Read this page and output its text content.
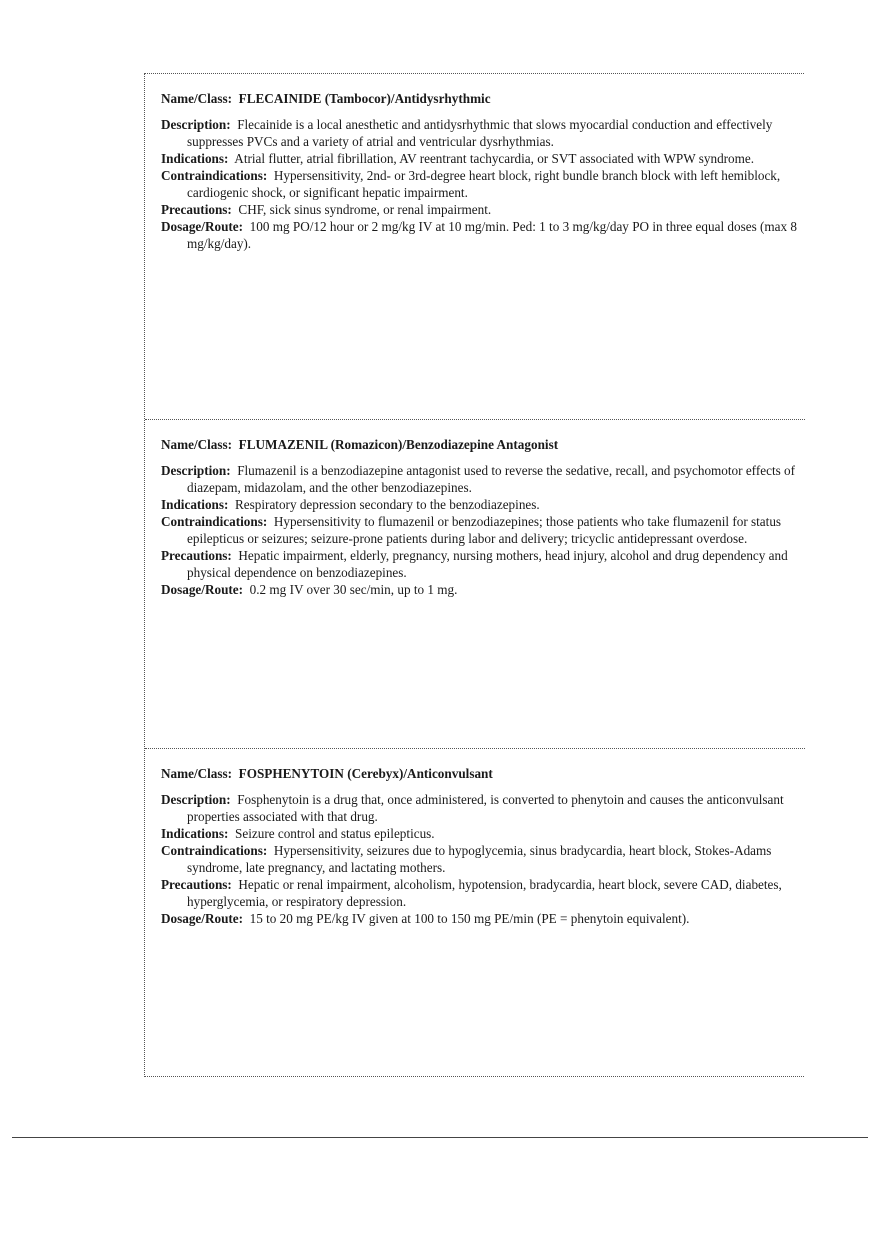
Name/Class: FLECAINIDE (Tambocor)/Antidysrhythmic

Description: Flecainide is a local anesthetic and antidysrhythmic that slows myocardial conduction and effectively suppresses PVCs and a variety of atrial and ventricular dysrhythmias.

Indications: Atrial flutter, atrial fibrillation, AV reentrant tachycardia, or SVT associated with WPW syndrome.

Contraindications: Hypersensitivity, 2nd- or 3rd-degree heart block, right bundle branch block with left hemiblock, cardiogenic shock, or significant hepatic impairment.

Precautions: CHF, sick sinus syndrome, or renal impairment.

Dosage/Route: 100 mg PO/12 hour or 2 mg/kg IV at 10 mg/min. Ped: 1 to 3 mg/kg/day PO in three equal doses (max 8 mg/kg/day).

Name/Class: FLUMAZENIL (Romazicon)/Benzodiazepine Antagonist

Description: Flumazenil is a benzodiazepine antagonist used to reverse the sedative, recall, and psychomotor effects of diazepam, midazolam, and the other benzodiazepines.

Indications: Respiratory depression secondary to the benzodiazepines.

Contraindications: Hypersensitivity to flumazenil or benzodiazepines; those patients who take flumazenil for status epilepticus or seizures; seizure-prone patients during labor and delivery; tricyclic antidepressant overdose.

Precautions: Hepatic impairment, elderly, pregnancy, nursing mothers, head injury, alcohol and drug dependency and physical dependence on benzodiazepines.

Dosage/Route: 0.2 mg IV over 30 sec/min, up to 1 mg.

Name/Class: FOSPHENYTOIN (Cerebyx)/Anticonvulsant

Description: Fosphenytoin is a drug that, once administered, is converted to phenytoin and causes the anticonvulsant properties associated with that drug.

Indications: Seizure control and status epilepticus.

Contraindications: Hypersensitivity, seizures due to hypoglycemia, sinus bradycardia, heart block, Stokes-Adams syndrome, late pregnancy, and lactating mothers.

Precautions: Hepatic or renal impairment, alcoholism, hypotension, bradycardia, heart block, severe CAD, diabetes, hyperglycemia, or respiratory depression.

Dosage/Route: 15 to 20 mg PE/kg IV given at 100 to 150 mg PE/min (PE = phenytoin equivalent).
